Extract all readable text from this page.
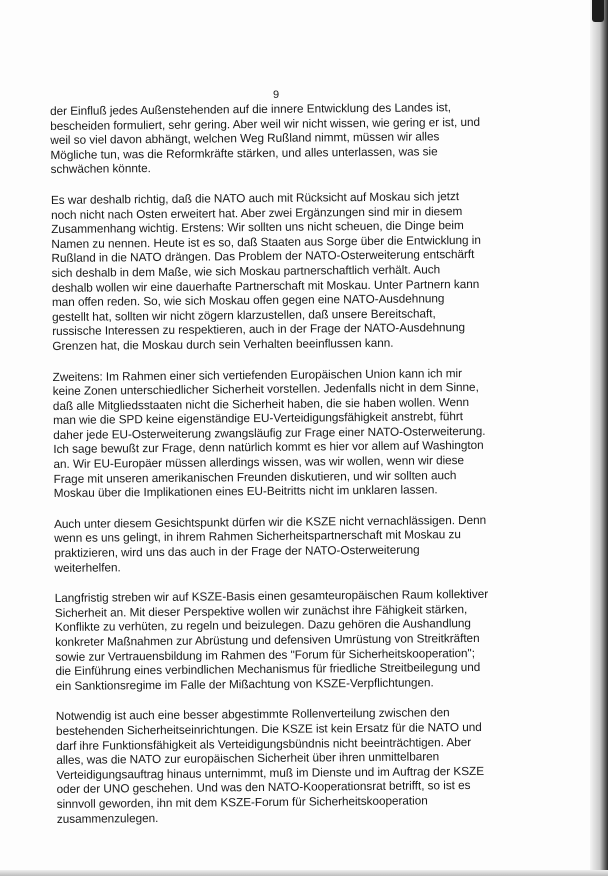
9
der Einfluß jedes Außenstehenden auf die innere Entwicklung des Landes ist,
bescheiden formuliert, sehr gering. Aber weil wir nicht wissen, wie gering er ist, und
weil so viel davon abhängt, welchen Weg Rußland nimmt, müssen wir alles
Mögliche tun, was die Reformkräfte stärken, und alles unterlassen, was sie
schwächen könnte.
Es war deshalb richtig, daß die NATO auch mit Rücksicht auf Moskau sich jetzt
noch nicht nach Osten erweitert hat. Aber zwei Ergänzungen sind mir in diesem
Zusammenhang wichtig. Erstens: Wir sollten uns nicht scheuen, die Dinge beim
Namen zu nennen. Heute ist es so, daß Staaten aus Sorge über die Entwicklung in
Rußland in die NATO drängen. Das Problem der NATO-Osterweiterung entschärft
sich deshalb in dem Maße, wie sich Moskau partnerschaftlich verhält. Auch
deshalb wollen wir eine dauerhafte Partnerschaft mit Moskau. Unter Partnern kann
man offen reden. So, wie sich Moskau offen gegen eine NATO-Ausdehnung
gestellt hat, sollten wir nicht zögern klarzustellen, daß unsere Bereitschaft,
russische Interessen zu respektieren, auch in der Frage der NATO-Ausdehnung
Grenzen hat, die Moskau durch sein Verhalten beeinflussen kann.
Zweitens: Im Rahmen einer sich vertiefenden Europäischen Union kann ich mir
keine Zonen unterschiedlicher Sicherheit vorstellen. Jedenfalls nicht in dem Sinne,
daß alle Mitgliedsstaaten nicht die Sicherheit haben, die sie haben wollen. Wenn
man wie die SPD keine eigenständige EU-Verteidigungsfähigkeit anstrebt, führt
daher jede EU-Osterweiterung zwangsläufig zur Frage einer NATO-Osterweiterung.
Ich sage bewußt zur Frage, denn natürlich kommt es hier vor allem auf Washington
an. Wir EU-Europäer müssen allerdings wissen, was wir wollen, wenn wir diese
Frage mit unseren amerikanischen Freunden diskutieren, und wir sollten auch
Moskau über die Implikationen eines EU-Beitritts nicht im unklaren lassen.
Auch unter diesem Gesichtspunkt dürfen wir die KSZE nicht vernachlässigen. Denn
wenn es uns gelingt, in ihrem Rahmen Sicherheitspartnerschaft mit Moskau zu
praktizieren, wird uns das auch in der Frage der NATO-Osterweiterung
weiterhelfen.
Langfristig streben wir auf KSZE-Basis einen gesamteuropäischen Raum kollektiver
Sicherheit an. Mit dieser Perspektive wollen wir zunächst ihre Fähigkeit stärken,
Konflikte zu verhüten, zu regeln und beizulegen. Dazu gehören die Aushandlung
konkreter Maßnahmen zur Abrüstung und defensiven Umrüstung von Streitkräften
sowie zur Vertrauensbildung im Rahmen des "Forum für Sicherheitskooperation";
die Einführung eines verbindlichen Mechanismus für friedliche Streitbeilegung und
ein Sanktionsregime im Falle der Mißachtung von KSZE-Verpflichtungen.
Notwendig ist auch eine besser abgestimmte Rollenverteilung zwischen den
bestehenden Sicherheitseinrichtungen. Die KSZE ist kein Ersatz für die NATO und
darf ihre Funktionsfähigkeit als Verteidigungsbündnis nicht beeinträchtigen. Aber
alles, was die NATO zur europäischen Sicherheit über ihren unmittelbaren
Verteidigungsauftrag hinaus unternimmt, muß im Dienste und im Auftrag der KSZE
oder der UNO geschehen. Und was den NATO-Kooperationsrat betrifft, so ist es
sinnvoll geworden, ihn mit dem KSZE-Forum für Sicherheitskooperation
zusammenzulegen.
